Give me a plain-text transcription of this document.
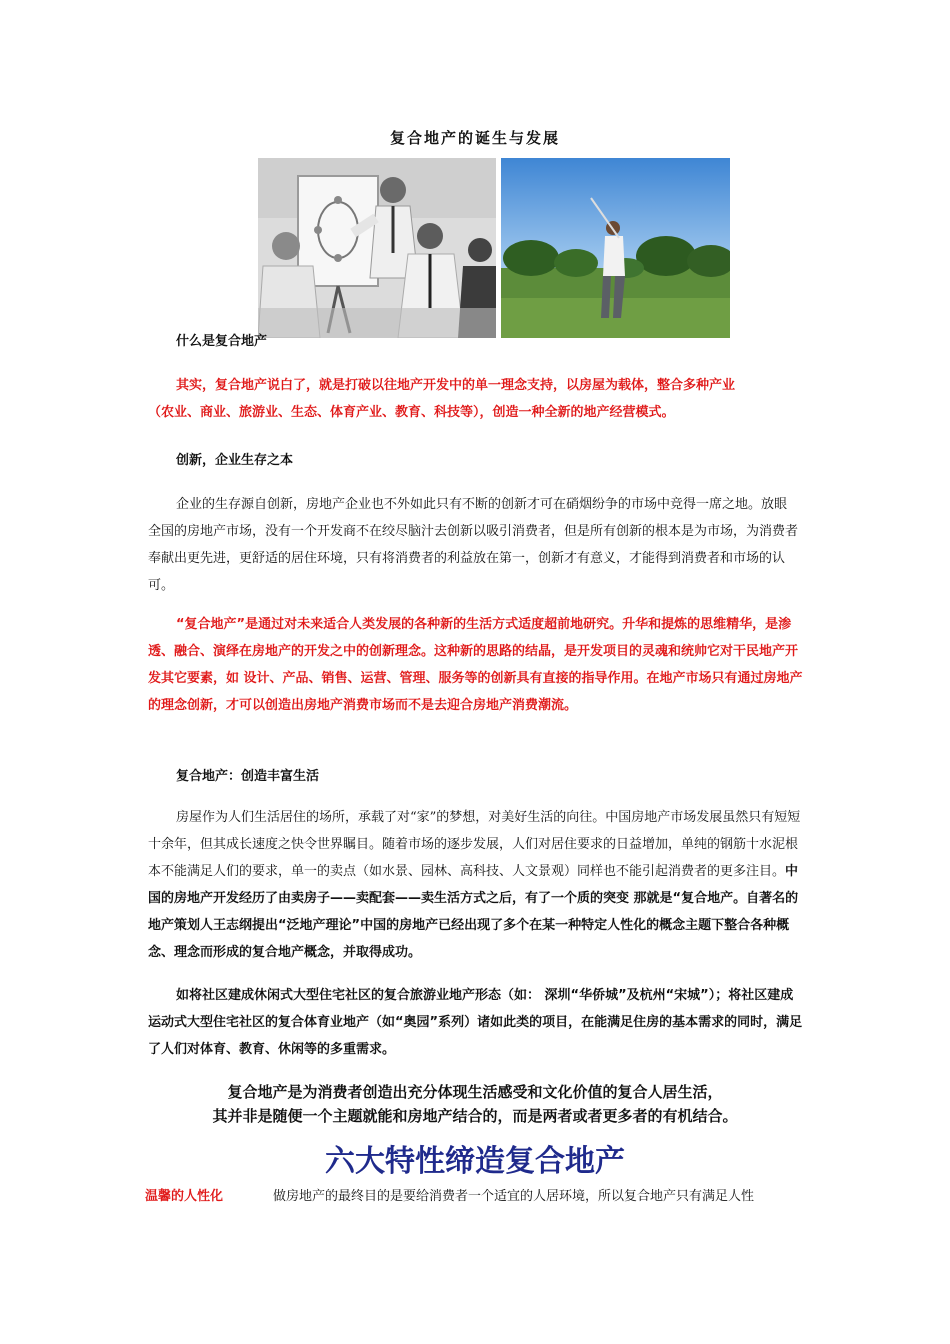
复合地产的诞生与发展
什么是复合地产
其实，复合地产说白了，就是打破以往地产开发中的单一理念支持，以房屋为载体，整合多种产业
（农业、商业、旅游业、生态、体育产业、教育、科技等），创造一种全新的地产经营模式。
创新，企业生存之本
企业的生存源自创新，房地产企业也不外如此只有不断的创新才可在硝烟纷争的市场中竞得一席之地。放眼全国的房地产市场，没有一个开发商不在绞尽脑汁去创新以吸引消费者，但是所有创新的根本是为市场，为消费者奉献出更先进，更舒适的居住环境，只有将消费者的利益放在第一，创新才有意义，才能得到消费者和市场的认可。
“复合地产”是通过对未来适合人类发展的各种新的生活方式适度超前地研究。升华和提炼的思维精华，是渗透、融合、演绎在房地产的开发之中的创新理念。这种新的思路的结晶，是开发项目的灵魂和统帅它对干民地产开发其它要素，如 设计、产品、销售、运营、管理、服务等的创新具有直接的指导作用。在地产市场只有通过房地产的理念创新，才可以创造出房地产消费市场而不是去迎合房地产消费潮流。
复合地产：创造丰富生活
房屋作为人们生活居住的场所，承载了对“家”的梦想，对美好生活的向往。中国房地产市场发展虽然只有短短十余年，但其成长速度之快令世界瞩目。随着市场的逐步发展，人们对居住要求的日益增加，单纯的钢筋十水泥根本不能满足人们的要求，单一的卖点（如水景、园林、高科技、人文景观）同样也不能引起消费者的更多注目。中国的房地产开发经历了由卖房子——卖配套——卖生活方式之后，有了一个质的突变 那就是“复合地产。自著名的地产策划人王志纲提出“泛地产理论”中国的房地产已经出现了多个在某一种特定人性化的概念主题下整合各种概念、理念而形成的复合地产概念，并取得成功。
如将社区建成休闲式大型住宅社区的复合旅游业地产形态（如： 深圳“华侨城”及杭州“宋城”）；将社区建成运动式大型住宅社区的复合体育业地产（如“奥园”系列）诸如此类的项目，在能满足住房的基本需求的同时，满足了人们对体育、教育、休闲等的多重需求。
复合地产是为消费者创造出充分体现生活感受和文化价值的复合人居生活，
其并非是随便一个主题就能和房地产结合的，而是两者或者更多者的有机结合。
六大特性缔造复合地产
温馨的人性化	做房地产的最终目的是要给消费者一个适宜的人居环境，所以复合地产只有满足人性
